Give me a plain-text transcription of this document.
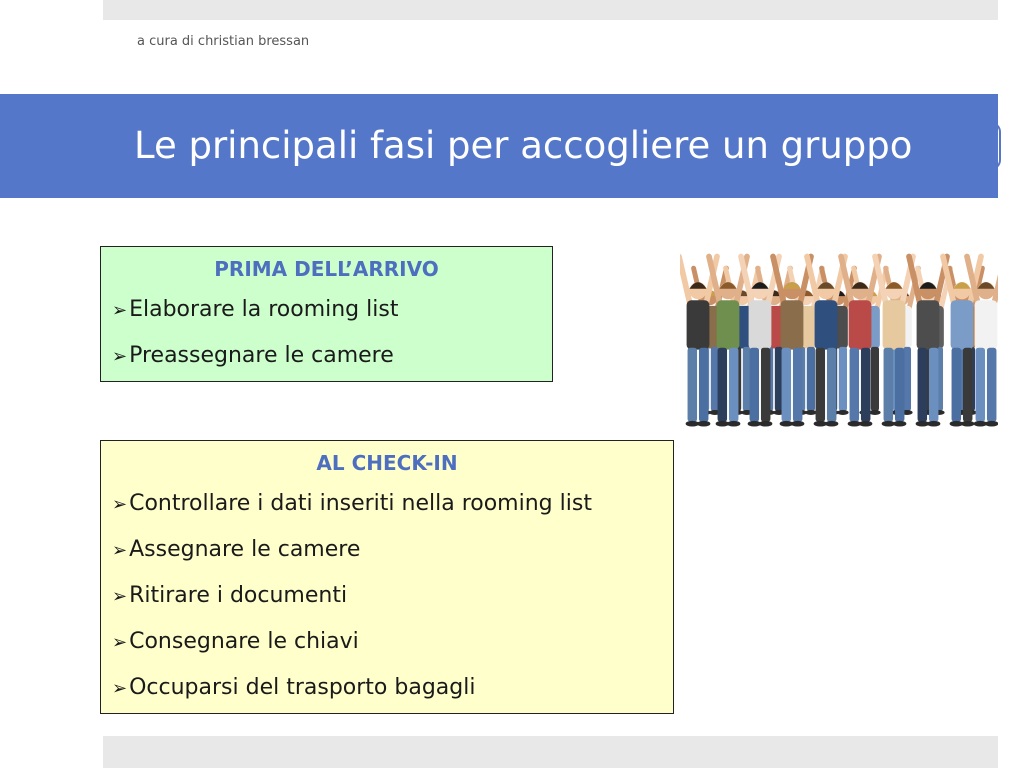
a cura di christian bressan
Le principali fasi per accogliere un gruppo
PRIMA DELL’ARRIVO
➢Elaborare la rooming list
➢Preassegnare le camere
AL CHECK-IN
➢Controllare i dati inseriti nella rooming list
➢Assegnare le camere
➢Ritirare i documenti
➢Consegnare le chiavi
➢Occuparsi del trasporto bagagli
